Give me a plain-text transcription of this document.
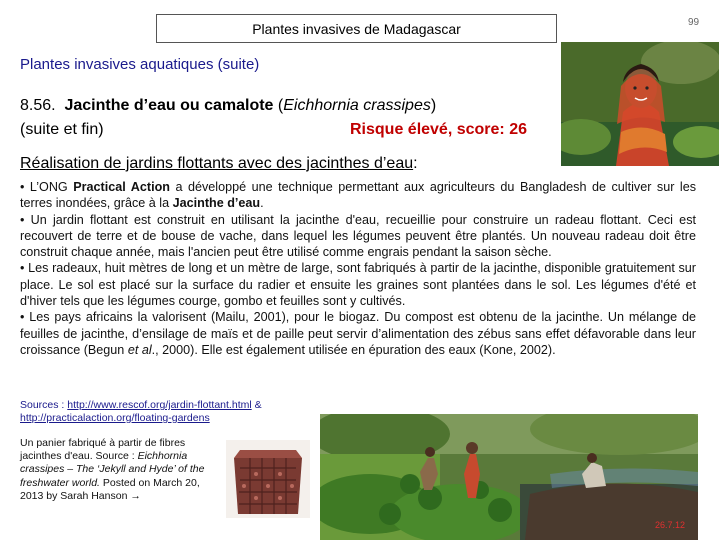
Plantes invasives de Madagascar	99
Plantes invasives aquatiques (suite)
8.56. Jacinthe d’eau ou camalote (Eichhornia crassipes)
(suite et fin)	Risque élevé, score: 26
Réalisation de jardins flottants avec des jacinthes d’eau:

• L’ONG Practical Action a développé une technique permettant aux agriculteurs du Bangladesh de cultiver sur les terres inondées, grâce à la Jacinthe d’eau.

• Un jardin flottant est construit en utilisant la jacinthe d'eau, recueillie pour construire un radeau flottant. Ceci est recouvert de terre et de bouse de vache, dans lequel les légumes peuvent être plantés. Un nouveau radeau doit être construit chaque année, mais l'ancien peut être utilisé comme engrais pendant la saison sèche.

• Les radeaux, huit mètres de long et un mètre de large, sont fabriqués à partir de la jacinthe, disponible gratuitement sur place. Le sol est placé sur la surface du radier et ensuite les graines sont plantées dans le sol. Les légumes d'été et d'hiver tels que les légumes courge, gombo et feuilles sont y cultivés.

• Les pays africains la valorisent (Mailu, 2001), pour le biogaz. Du compost est obtenu de la jacinthe. Un mélange de feuilles de jacinthe, d’ensilage de maïs et de paille peut servir d’alimentation des zébus sans effet défavorable dans leur croissance (Begun et al., 2000). Elle est également utilisée en épuration des eaux (Kone, 2002).

Sources : http://www.rescof.org/jardin-flottant.html &
http://practicalaction.org/floating-gardens
Un panier fabriqué à partir de fibres jacinthes d'eau. Source : Eichhornia crassipes – The ‘Jekyll and Hyde’ of the freshwater world. Posted on March 20, 2013 by Sarah Hanson →
26.7.12
